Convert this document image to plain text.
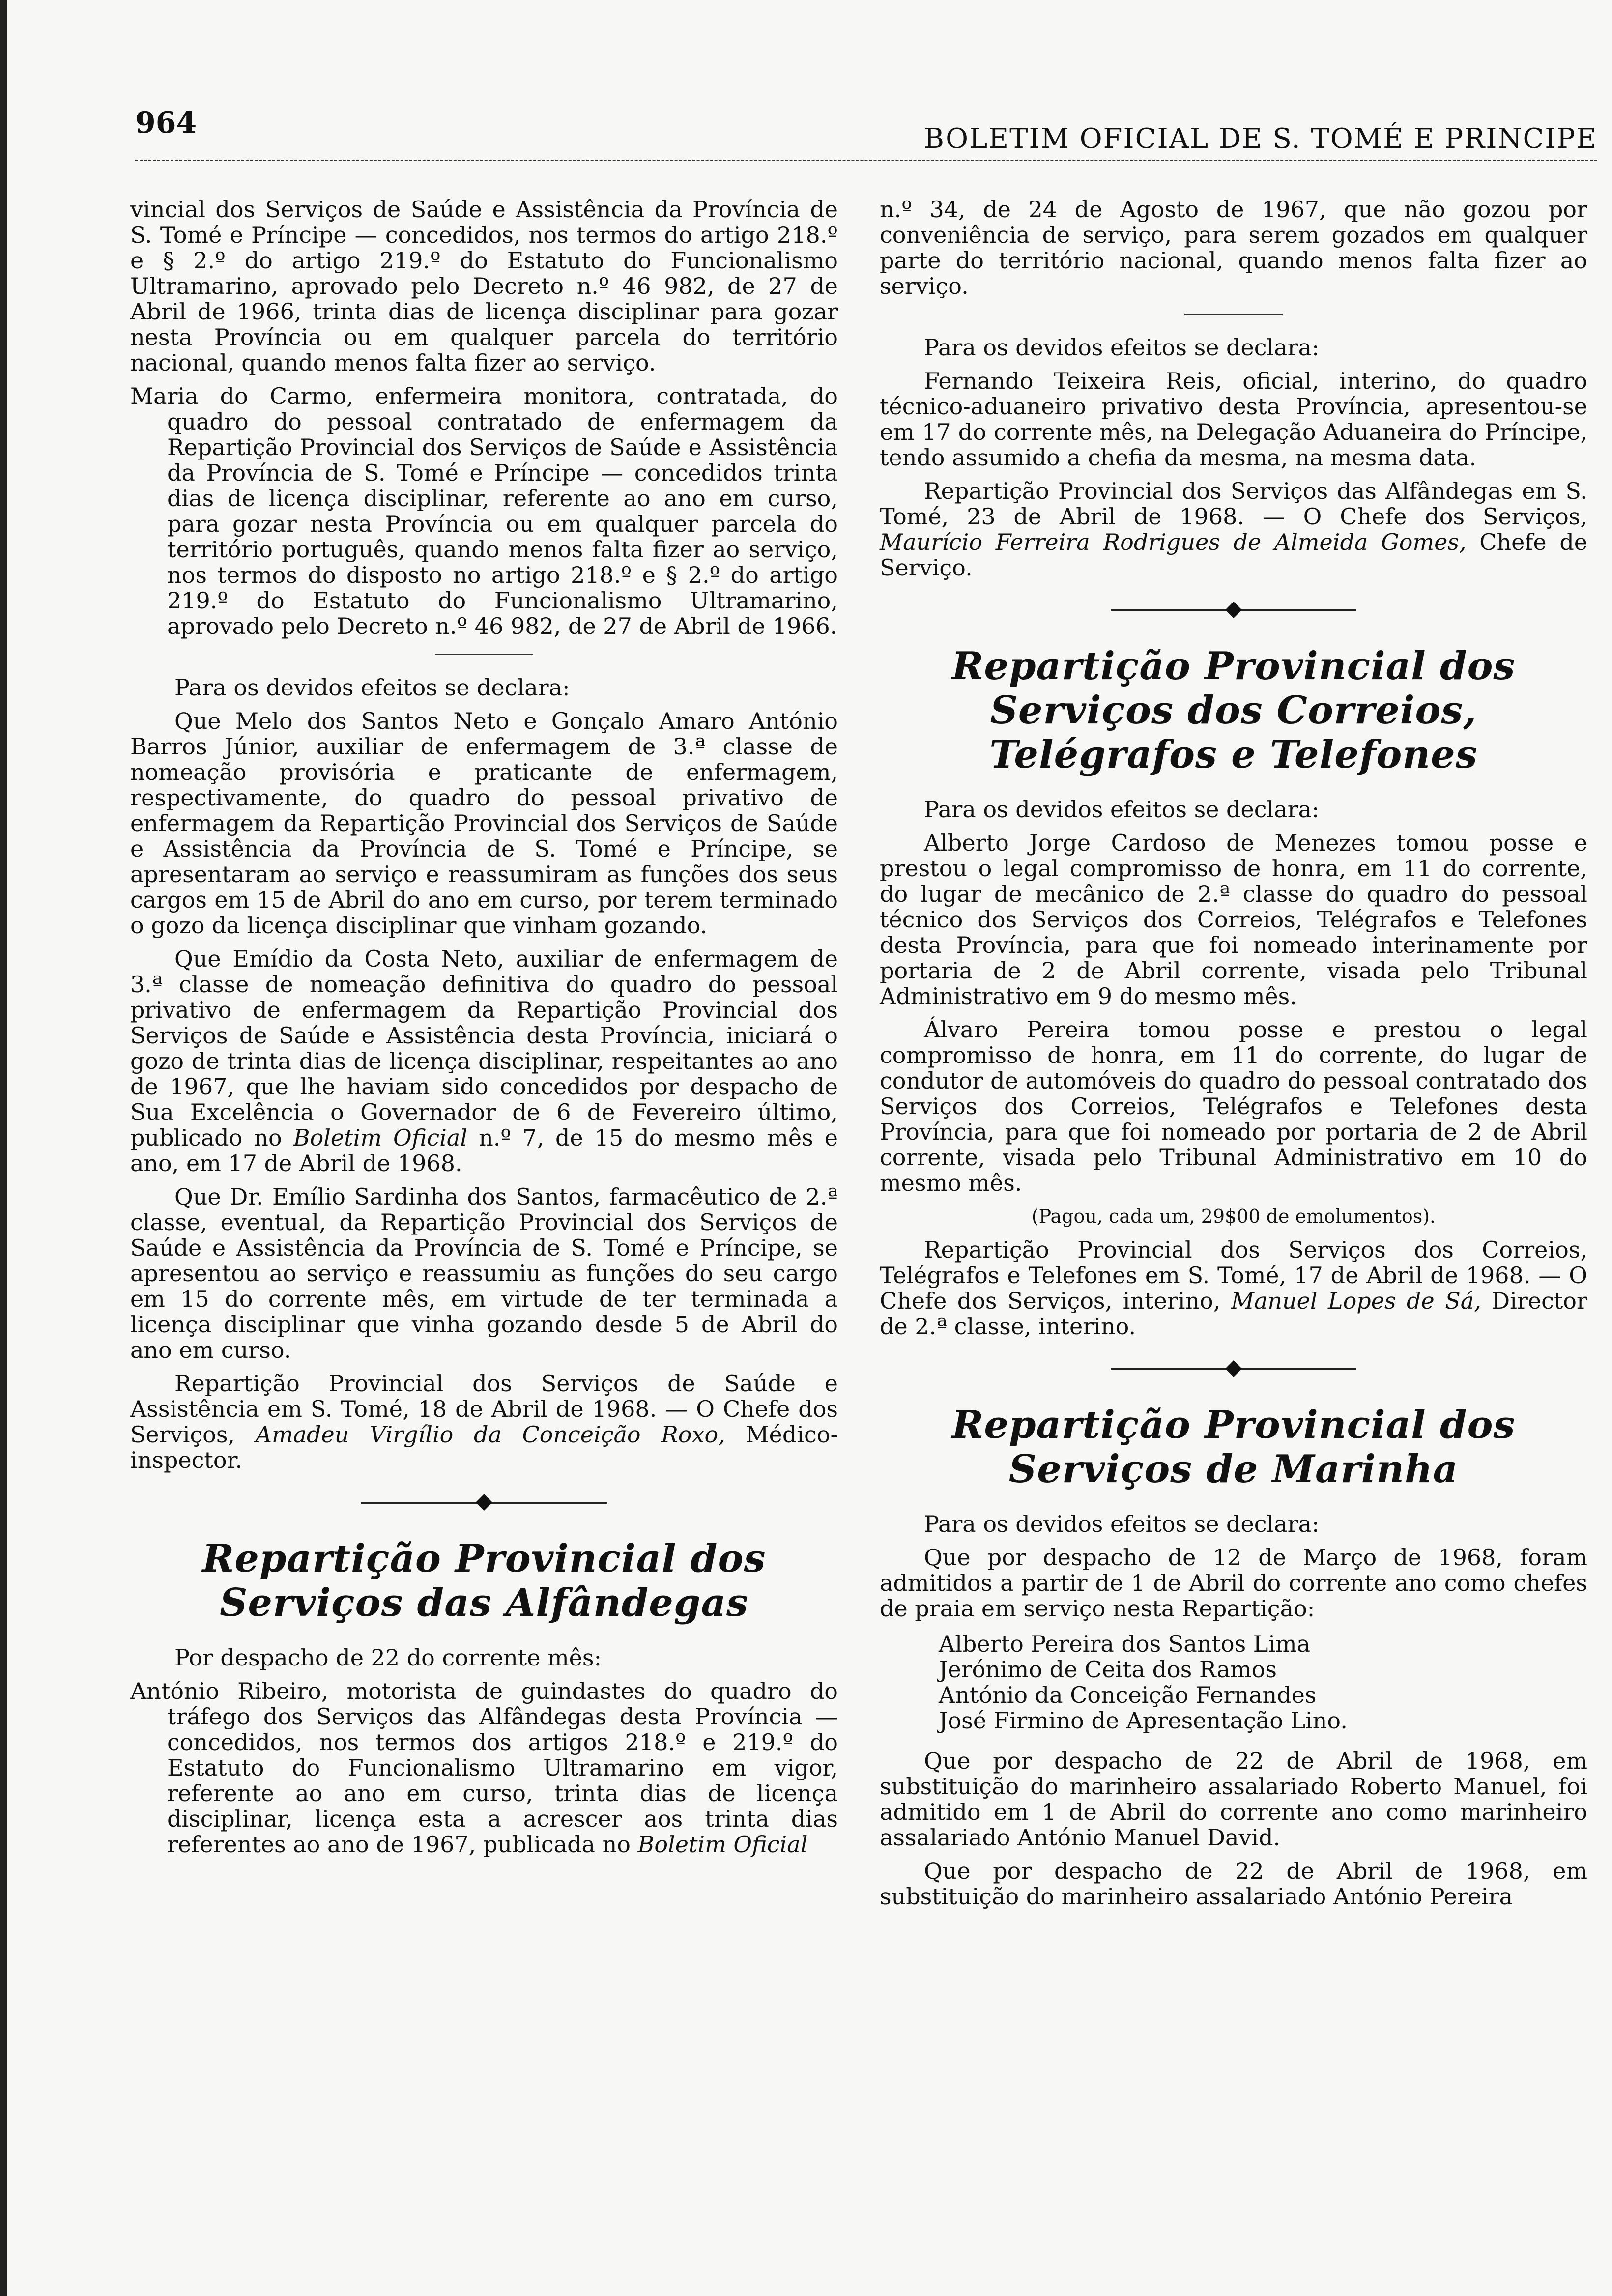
964	BOLETIM OFICIAL DE S. TOMÉ E PRINCIPE

vincial dos Serviços de Saúde e Assistência da Província de S. Tomé e Príncipe — concedidos, nos termos do artigo 218.º e § 2.º do artigo 219.º do Estatuto do Funcionalismo Ultramarino, aprovado pelo Decreto n.º 46 982, de 27 de Abril de 1966, trinta dias de licença disciplinar para gozar nesta Província ou em qualquer parcela do território nacional, quando menos falta fizer ao serviço.

Maria do Carmo, enfermeira monitora, contratada, do quadro do pessoal contratado de enfermagem da Repartição Provincial dos Serviços de Saúde e Assistência da Província de S. Tomé e Príncipe — concedidos trinta dias de licença disciplinar, referente ao ano em curso, para gozar nesta Província ou em qualquer parcela do território português, quando menos falta fizer ao serviço, nos termos do disposto no artigo 218.º e § 2.º do artigo 219.º do Estatuto do Funcionalismo Ultramarino, aprovado pelo Decreto n.º 46 982, de 27 de Abril de 1966.

Para os devidos efeitos se declara:

Que Melo dos Santos Neto e Gonçalo Amaro António Barros Júnior, auxiliar de enfermagem de 3.ª classe de nomeação provisória e praticante de enfermagem, respectivamente, do quadro do pessoal privativo de enfermagem da Repartição Provincial dos Serviços de Saúde e Assistência da Província de S. Tomé e Príncipe, se apresentaram ao serviço e reassumiram as funções dos seus cargos em 15 de Abril do ano em curso, por terem terminado o gozo da licença disciplinar que vinham gozando.

Que Emídio da Costa Neto, auxiliar de enfermagem de 3.ª classe de nomeação definitiva do quadro do pessoal privativo de enfermagem da Repartição Provincial dos Serviços de Saúde e Assistência desta Província, iniciará o gozo de trinta dias de licença disciplinar, respeitantes ao ano de 1967, que lhe haviam sido concedidos por despacho de Sua Excelência o Governador de 6 de Fevereiro último, publicado no Boletim Oficial n.º 7, de 15 do mesmo mês e ano, em 17 de Abril de 1968.

Que Dr. Emílio Sardinha dos Santos, farmacêutico de 2.ª classe, eventual, da Repartição Provincial dos Serviços de Saúde e Assistência da Província de S. Tomé e Príncipe, se apresentou ao serviço e reassumiu as funções do seu cargo em 15 do corrente mês, em virtude de ter terminada a licença disciplinar que vinha gozando desde 5 de Abril do ano em curso.

Repartição Provincial dos Serviços de Saúde e Assistência em S. Tomé, 18 de Abril de 1968. — O Chefe dos Serviços, Amadeu Virgílio da Conceição Roxo, Médico-inspector.

Repartição Provincial dos Serviços das Alfândegas

Por despacho de 22 do corrente mês:

António Ribeiro, motorista de guindastes do quadro do tráfego dos Serviços das Alfândegas desta Província — concedidos, nos termos dos artigos 218.º e 219.º do Estatuto do Funcionalismo Ultramarino em vigor, referente ao ano em curso, trinta dias de licença disciplinar, licença esta a acrescer aos trinta dias referentes ao ano de 1967, publicada no Boletim Oficial

n.º 34, de 24 de Agosto de 1967, que não gozou por conveniência de serviço, para serem gozados em qualquer parte do território nacional, quando menos falta fizer ao serviço.

Para os devidos efeitos se declara:

Fernando Teixeira Reis, oficial, interino, do quadro técnico-aduaneiro privativo desta Província, apresentou-se em 17 do corrente mês, na Delegação Aduaneira do Príncipe, tendo assumido a chefia da mesma, na mesma data.

Repartição Provincial dos Serviços das Alfândegas em S. Tomé, 23 de Abril de 1968. — O Chefe dos Serviços, Maurício Ferreira Rodrigues de Almeida Gomes, Chefe de Serviço.

Repartição Provincial dos Serviços dos Correios, Telégrafos e Telefones

Para os devidos efeitos se declara:

Alberto Jorge Cardoso de Menezes tomou posse e prestou o legal compromisso de honra, em 11 do corrente, do lugar de mecânico de 2.ª classe do quadro do pessoal técnico dos Serviços dos Correios, Telégrafos e Telefones desta Província, para que foi nomeado interinamente por portaria de 2 de Abril corrente, visada pelo Tribunal Administrativo em 9 do mesmo mês.

Álvaro Pereira tomou posse e prestou o legal compromisso de honra, em 11 do corrente, do lugar de condutor de automóveis do quadro do pessoal contratado dos Serviços dos Correios, Telégrafos e Telefones desta Província, para que foi nomeado por portaria de 2 de Abril corrente, visada pelo Tribunal Administrativo em 10 do mesmo mês.

(Pagou, cada um, 29$00 de emolumentos).

Repartição Provincial dos Serviços dos Correios, Telégrafos e Telefones em S. Tomé, 17 de Abril de 1968. — O Chefe dos Serviços, interino, Manuel Lopes de Sá, Director de 2.ª classe, interino.

Repartição Provincial dos Serviços de Marinha

Para os devidos efeitos se declara:

Que por despacho de 12 de Março de 1968, foram admitidos a partir de 1 de Abril do corrente ano como chefes de praia em serviço nesta Repartição:

Alberto Pereira dos Santos Lima

Jerónimo de Ceita dos Ramos

António da Conceição Fernandes

José Firmino de Apresentação Lino.

Que por despacho de 22 de Abril de 1968, em substituição do marinheiro assalariado Roberto Manuel, foi admitido em 1 de Abril do corrente ano como marinheiro assalariado António Manuel David.

Que por despacho de 22 de Abril de 1968, em substituição do marinheiro assalariado António Pereira
